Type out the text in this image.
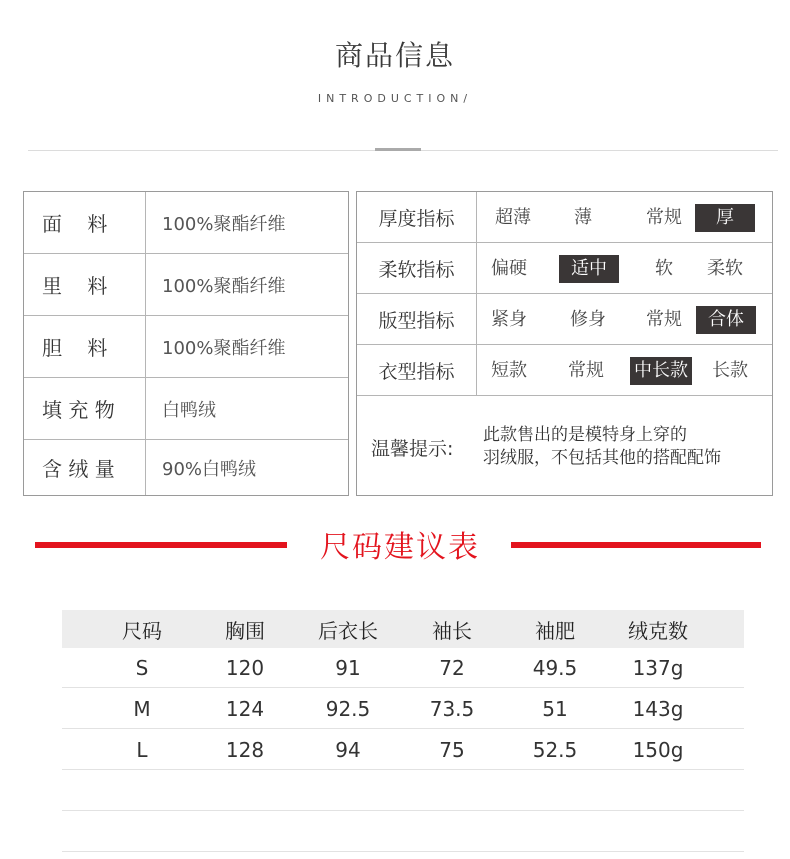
商品信息
INTRODUCTION/
面    料	100%聚酯纤维
里    料	100%聚酯纤维
胆    料	100%聚酯纤维
填 充 物	白鸭绒
含 绒 量	90%白鸭绒
厚度指标	超薄	薄	常规	厚
柔软指标	偏硬	适中	软	柔软
版型指标	紧身	修身	常规	合体
衣型指标	短款	常规	中长款	长款
温馨提示:
此款售出的是模特身上穿的
羽绒服，不包括其他的搭配配饰
尺码建议表
尺码	胸围	后衣长	袖长	袖肥	绒克数
S	120	91	72	49.5	137g
M	124	92.5	73.5	51	143g
L	128	94	75	52.5	150g
